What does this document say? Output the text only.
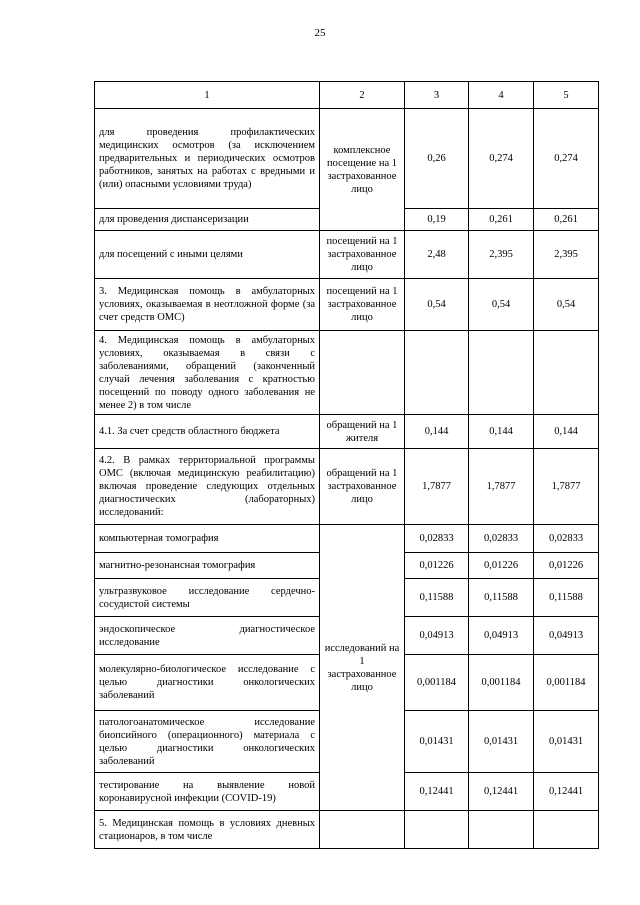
25
1	2	3	4	5
для проведения профилактических медицинских осмотров (за исключением предварительных и периодических осмотров работников, занятых на работах с вредными и (или) опасными условиями труда)	комплексное посещение на 1 застрахованное лицо	0,26	0,274	0,274
для проведения диспансеризации		0,19	0,261	0,261
для посещений с иными целями	посещений на 1 застрахованное лицо	2,48	2,395	2,395
3. Медицинская помощь в амбулаторных условиях, оказываемая в неотложной форме (за счет средств ОМС)	посещений на 1 застрахованное лицо	0,54	0,54	0,54
4. Медицинская помощь в амбулаторных условиях, оказываемая в связи с заболеваниями, обращений (законченный случай лечения заболевания с кратностью посещений по поводу одного заболевания не менее 2) в том числе				
4.1. За счет средств областного бюджета	обращений на 1 жителя	0,144	0,144	0,144
4.2. В рамках территориальной программы ОМС (включая медицинскую реабилитацию) включая проведение следующих отдельных диагностических (лабораторных) исследований:	обращений на 1 застрахованное лицо	1,7877	1,7877	1,7877
компьютерная томография	исследований на 1 застрахованное лицо	0,02833	0,02833	0,02833
магнитно-резонансная томография		0,01226	0,01226	0,01226
ультразвуковое исследование сердечно-сосудистой системы		0,11588	0,11588	0,11588
эндоскопическое диагностическое исследование		0,04913	0,04913	0,04913
молекулярно-биологическое исследование с целью диагностики онкологических заболеваний		0,001184	0,001184	0,001184
патологоанатомическое исследование биопсийного (операционного) материала с целью диагностики онкологических заболеваний		0,01431	0,01431	0,01431
тестирование на выявление новой коронавирусной инфекции (COVID-19)		0,12441	0,12441	0,12441
5. Медицинская помощь в условиях дневных стационаров, в том числе				
